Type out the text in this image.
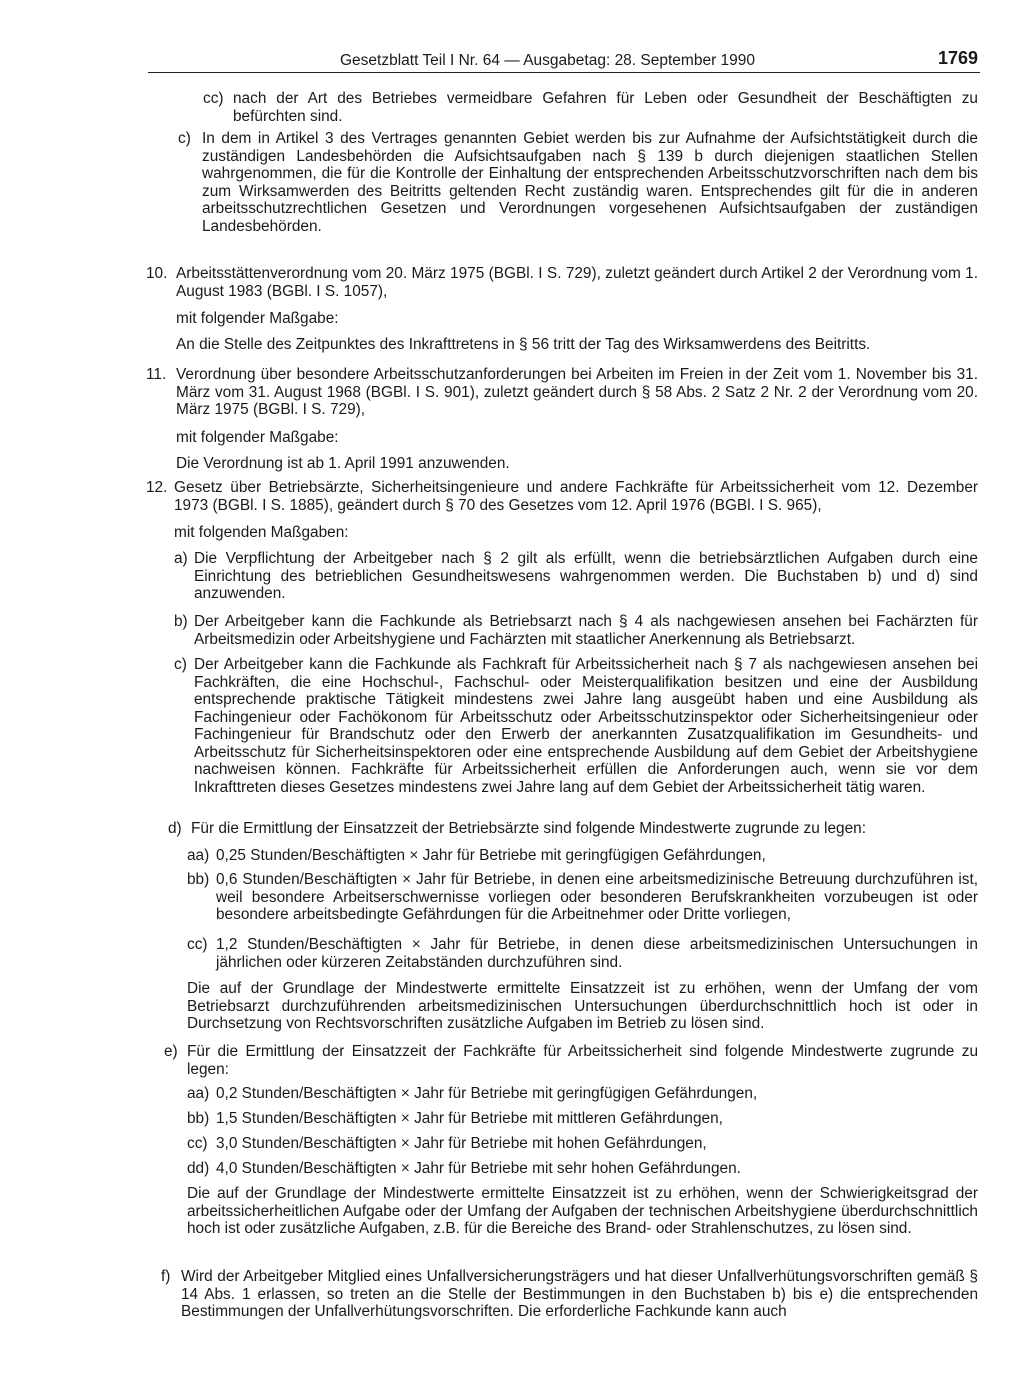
Gesetzblatt Teil I Nr. 64 — Ausgabetag: 28. September 1990	1769
cc) nach der Art des Betriebes vermeidbare Gefahren für Leben oder Gesundheit der Beschäftigten zu befürchten sind.

c) In dem in Artikel 3 des Vertrages genannten Gebiet werden bis zur Aufnahme der Aufsichtstätigkeit durch die zuständigen Landesbehörden die Aufsichtsaufgaben nach § 139 b durch diejenigen staatlichen Stellen wahrgenommen, die für die Kontrolle der Einhaltung der entsprechenden Arbeitsschutzvorschriften nach dem bis zum Wirksamwerden des Beitritts geltenden Recht zuständig waren. Entsprechendes gilt für die in anderen arbeitsschutzrechtlichen Gesetzen und Verordnungen vorgesehenen Aufsichtsaufgaben der zuständigen Landesbehörden.

10. Arbeitsstättenverordnung vom 20. März 1975 (BGBl. I S. 729), zuletzt geändert durch Artikel 2 der Verordnung vom 1. August 1983 (BGBl. I S. 1057),

mit folgender Maßgabe:

An die Stelle des Zeitpunktes des Inkrafttretens in § 56 tritt der Tag des Wirksamwerdens des Beitritts.

11. Verordnung über besondere Arbeitsschutzanforderungen bei Arbeiten im Freien in der Zeit vom 1. November bis 31. März vom 31. August 1968 (BGBl. I S. 901), zuletzt geändert durch § 58 Abs. 2 Satz 2 Nr. 2 der Verordnung vom 20. März 1975 (BGBl. I S. 729),

mit folgender Maßgabe:

Die Verordnung ist ab 1. April 1991 anzuwenden.

12. Gesetz über Betriebsärzte, Sicherheitsingenieure und andere Fachkräfte für Arbeitssicherheit vom 12. Dezember 1973 (BGBl. I S. 1885), geändert durch § 70 des Gesetzes vom 12. April 1976 (BGBl. I S. 965),

mit folgenden Maßgaben:

a) Die Verpflichtung der Arbeitgeber nach § 2 gilt als erfüllt, wenn die betriebsärztlichen Aufgaben durch eine Einrichtung des betrieblichen Gesundheitswesens wahrgenommen werden. Die Buchstaben b) und d) sind anzuwenden.

b) Der Arbeitgeber kann die Fachkunde als Betriebsarzt nach § 4 als nachgewiesen ansehen bei Fachärzten für Arbeitsmedizin oder Arbeitshygiene und Fachärzten mit staatlicher Anerkennung als Betriebsarzt.

c) Der Arbeitgeber kann die Fachkunde als Fachkraft für Arbeitssicherheit nach § 7 als nachgewiesen ansehen bei Fachkräften, die eine Hochschul-, Fachschul- oder Meisterqualifikation besitzen und eine der Ausbildung entsprechende praktische Tätigkeit mindestens zwei Jahre lang ausgeübt haben und eine Ausbildung als Fachingenieur oder Fachökonom für Arbeitsschutz oder Arbeitsschutzinspektor oder Sicherheitsingenieur oder Fachingenieur für Brandschutz oder den Erwerb der anerkannten Zusatzqualifikation im Gesundheits- und Arbeitsschutz für Sicherheitsinspektoren oder eine entsprechende Ausbildung auf dem Gebiet der Arbeitshygiene nachweisen können. Fachkräfte für Arbeitssicherheit erfüllen die Anforderungen auch, wenn sie vor dem Inkrafttreten dieses Gesetzes mindestens zwei Jahre lang auf dem Gebiet der Arbeitssicherheit tätig waren.

d) Für die Ermittlung der Einsatzzeit der Betriebsärzte sind folgende Mindestwerte zugrunde zu legen:

aa) 0,25 Stunden/Beschäftigten × Jahr für Betriebe mit geringfügigen Gefährdungen,

bb) 0,6 Stunden/Beschäftigten × Jahr für Betriebe, in denen eine arbeitsmedizinische Betreuung durchzuführen ist, weil besondere Arbeitserschwernisse vorliegen oder besonderen Berufskrankheiten vorzubeugen ist oder besondere arbeitsbedingte Gefährdungen für die Arbeitnehmer oder Dritte vorliegen,

cc) 1,2 Stunden/Beschäftigten × Jahr für Betriebe, in denen diese arbeitsmedizinischen Untersuchungen in jährlichen oder kürzeren Zeitabständen durchzuführen sind.

Die auf der Grundlage der Mindestwerte ermittelte Einsatzzeit ist zu erhöhen, wenn der Umfang der vom Betriebsarzt durchzuführenden arbeitsmedizinischen Untersuchungen überdurchschnittlich hoch ist oder in Durchsetzung von Rechtsvorschriften zusätzliche Aufgaben im Betrieb zu lösen sind.

e) Für die Ermittlung der Einsatzzeit der Fachkräfte für Arbeitssicherheit sind folgende Mindestwerte zugrunde zu legen:

aa) 0,2 Stunden/Beschäftigten × Jahr für Betriebe mit geringfügigen Gefährdungen,

bb) 1,5 Stunden/Beschäftigten × Jahr für Betriebe mit mittleren Gefährdungen,

cc) 3,0 Stunden/Beschäftigten × Jahr für Betriebe mit hohen Gefährdungen,

dd) 4,0 Stunden/Beschäftigten × Jahr für Betriebe mit sehr hohen Gefährdungen.

Die auf der Grundlage der Mindestwerte ermittelte Einsatzzeit ist zu erhöhen, wenn der Schwierigkeitsgrad der arbeitssicherheitlichen Aufgabe oder der Umfang der Aufgaben der technischen Arbeitshygiene überdurchschnittlich hoch ist oder zusätzliche Aufgaben, z.B. für die Bereiche des Brand- oder Strahlenschutzes, zu lösen sind.

f) Wird der Arbeitgeber Mitglied eines Unfallversicherungsträgers und hat dieser Unfallverhütungsvorschriften gemäß § 14 Abs. 1 erlassen, so treten an die Stelle der Bestimmungen in den Buchstaben b) bis e) die entsprechenden Bestimmungen der Unfallverhütungsvorschriften. Die erforderliche Fachkunde kann auch
